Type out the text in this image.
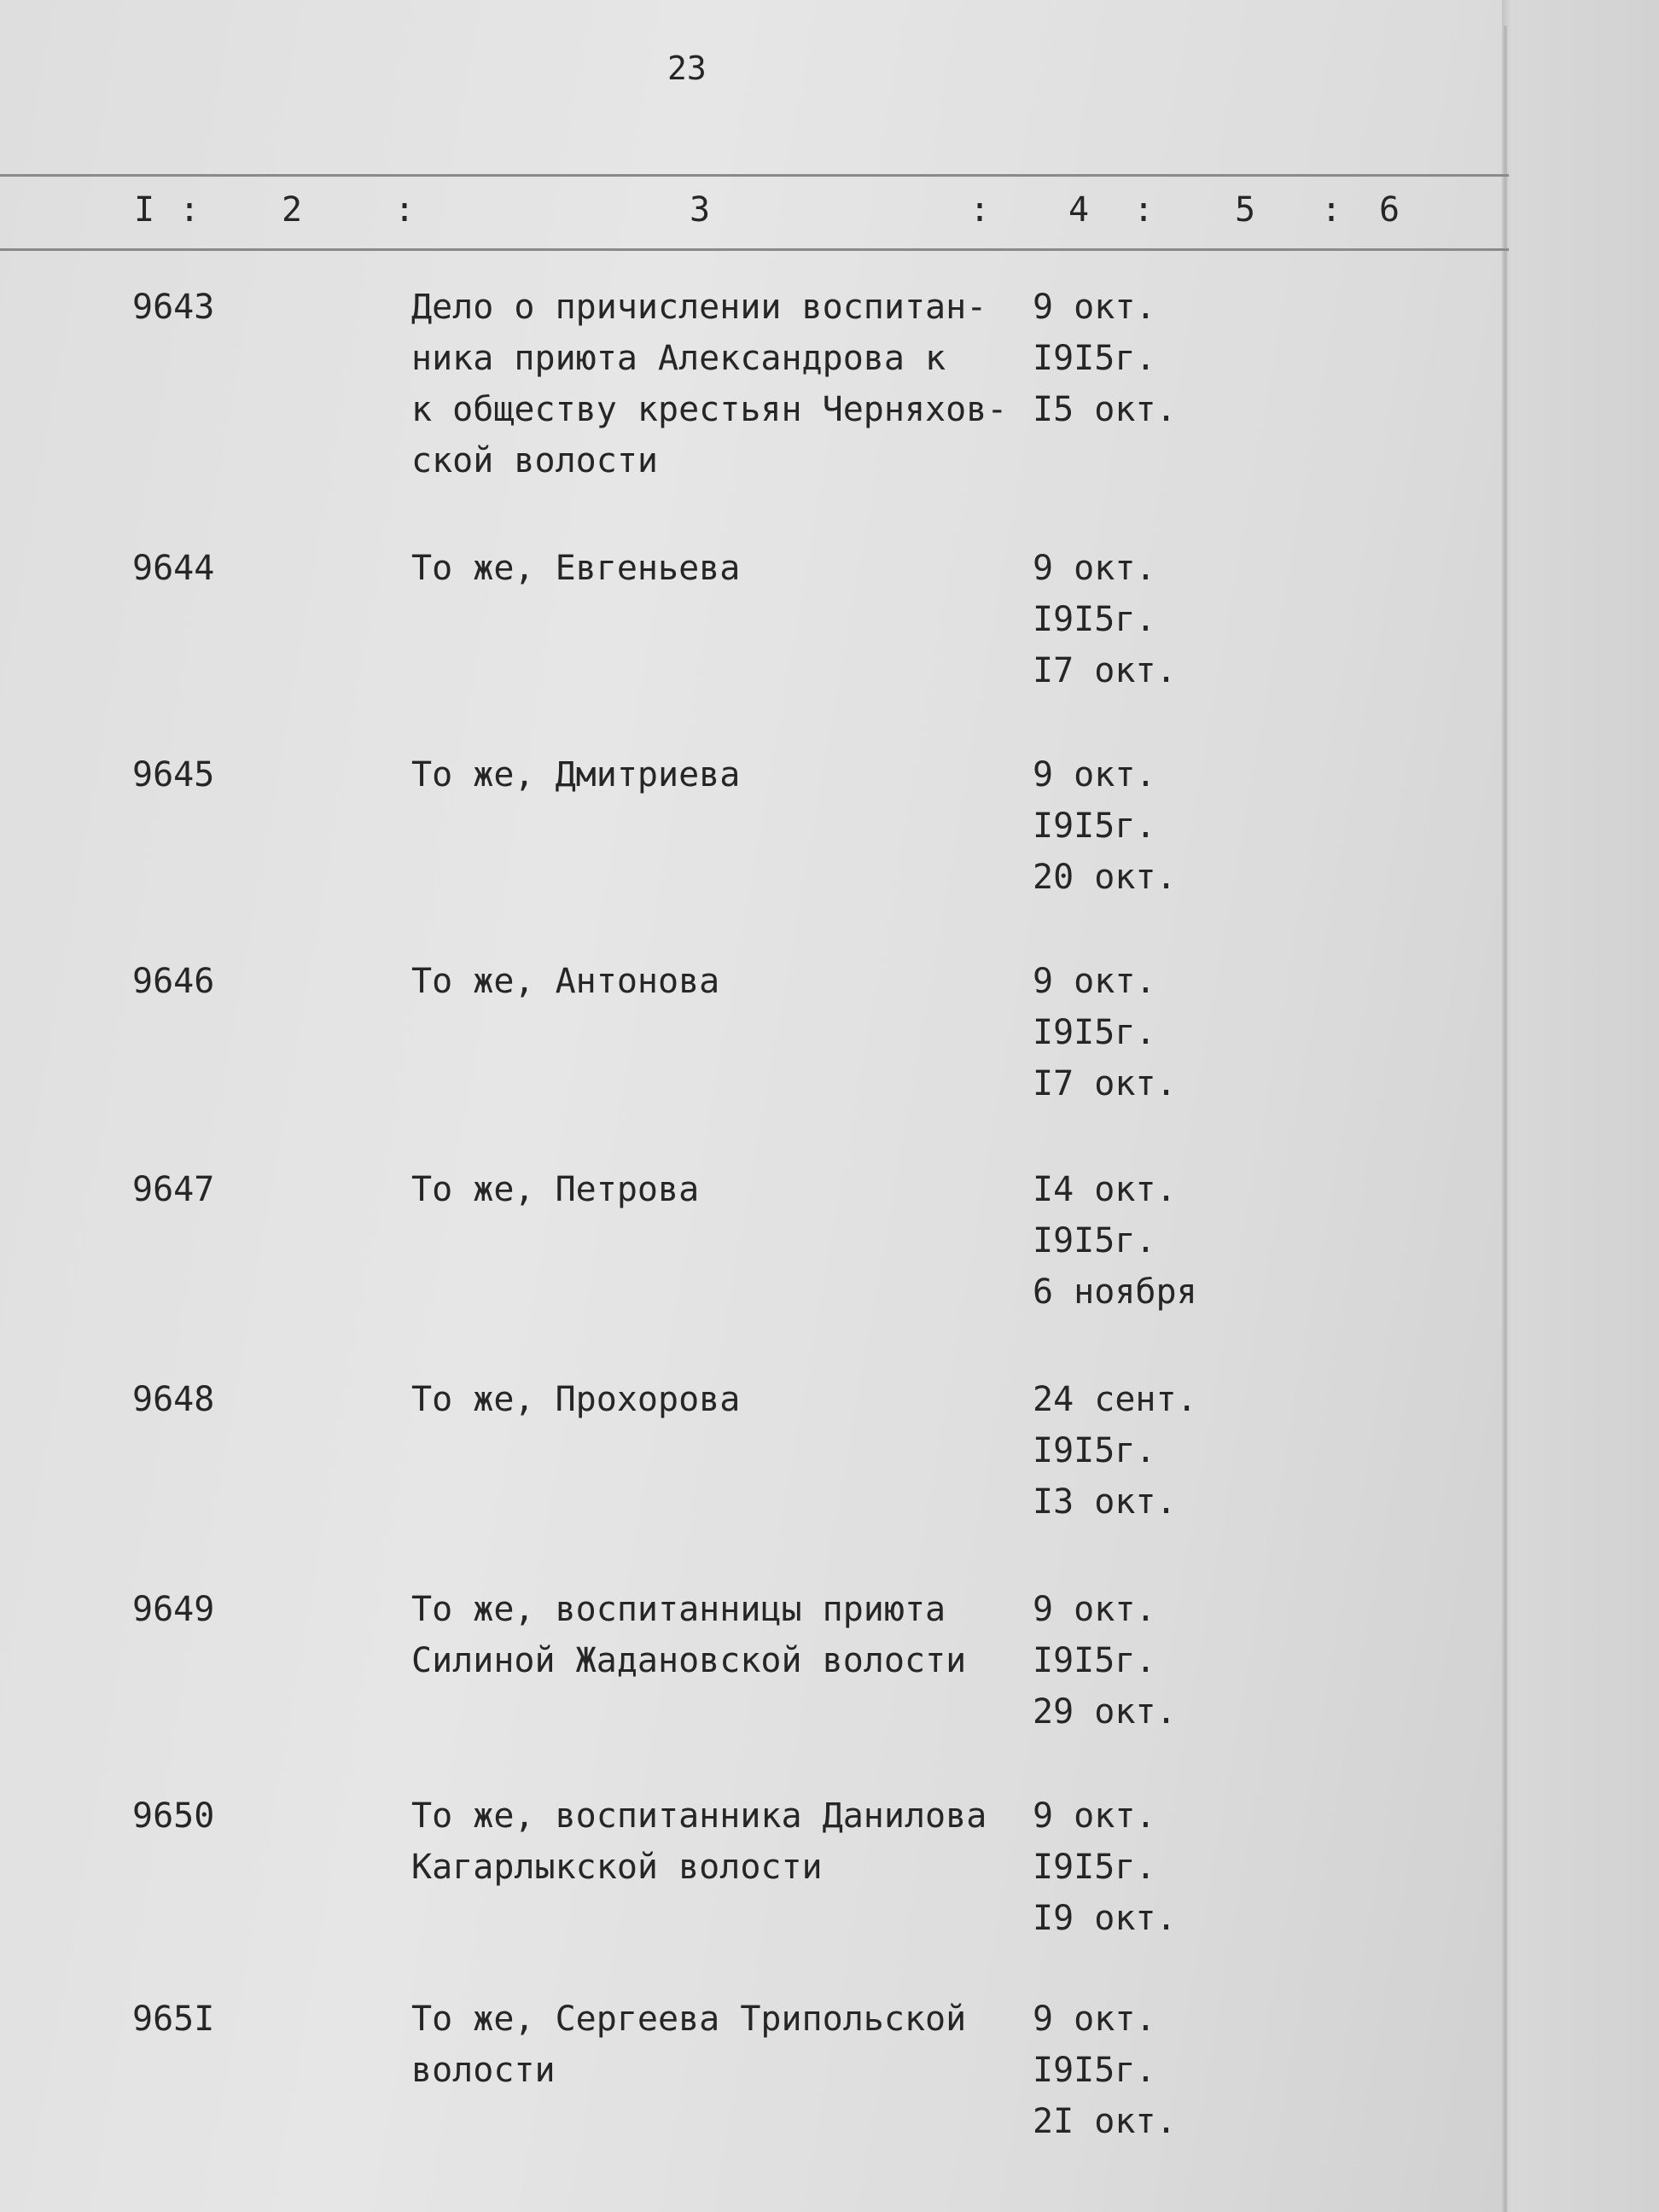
23
I : 2	:	3	: 4 : 5 : 6
9643	Дело о причислении воспитан-
ника приюта Александрова к
к обществу крестьян Черняхов-
ской волости
9 окт.
I9I5г.
I5 окт.
9644	То же, Евгеньева	9 окт.
I9I5г.
I7 окт.
9645	То же, Дмитриева	9 окт.
I9I5г.
20 окт.
9646	То же, Антонова	9 окт.
I9I5г.
I7 окт.
9647	То же, Петрова	I4 окт.
I9I5г.
6 ноября
9648	То же, Прохорова	24 сент.
I9I5г.
I3 окт.
9649	То же, воспитанницы приюта
Силиной Жадановской волости
9 окт.
I9I5г.
29 окт.
9650	То же, воспитанника Данилова
Кагарлыкской волости
9 окт.
I9I5г.
I9 окт.
965I	То же, Сергеева Трипольской
волости
9 окт.
I9I5г.
2I окт.
